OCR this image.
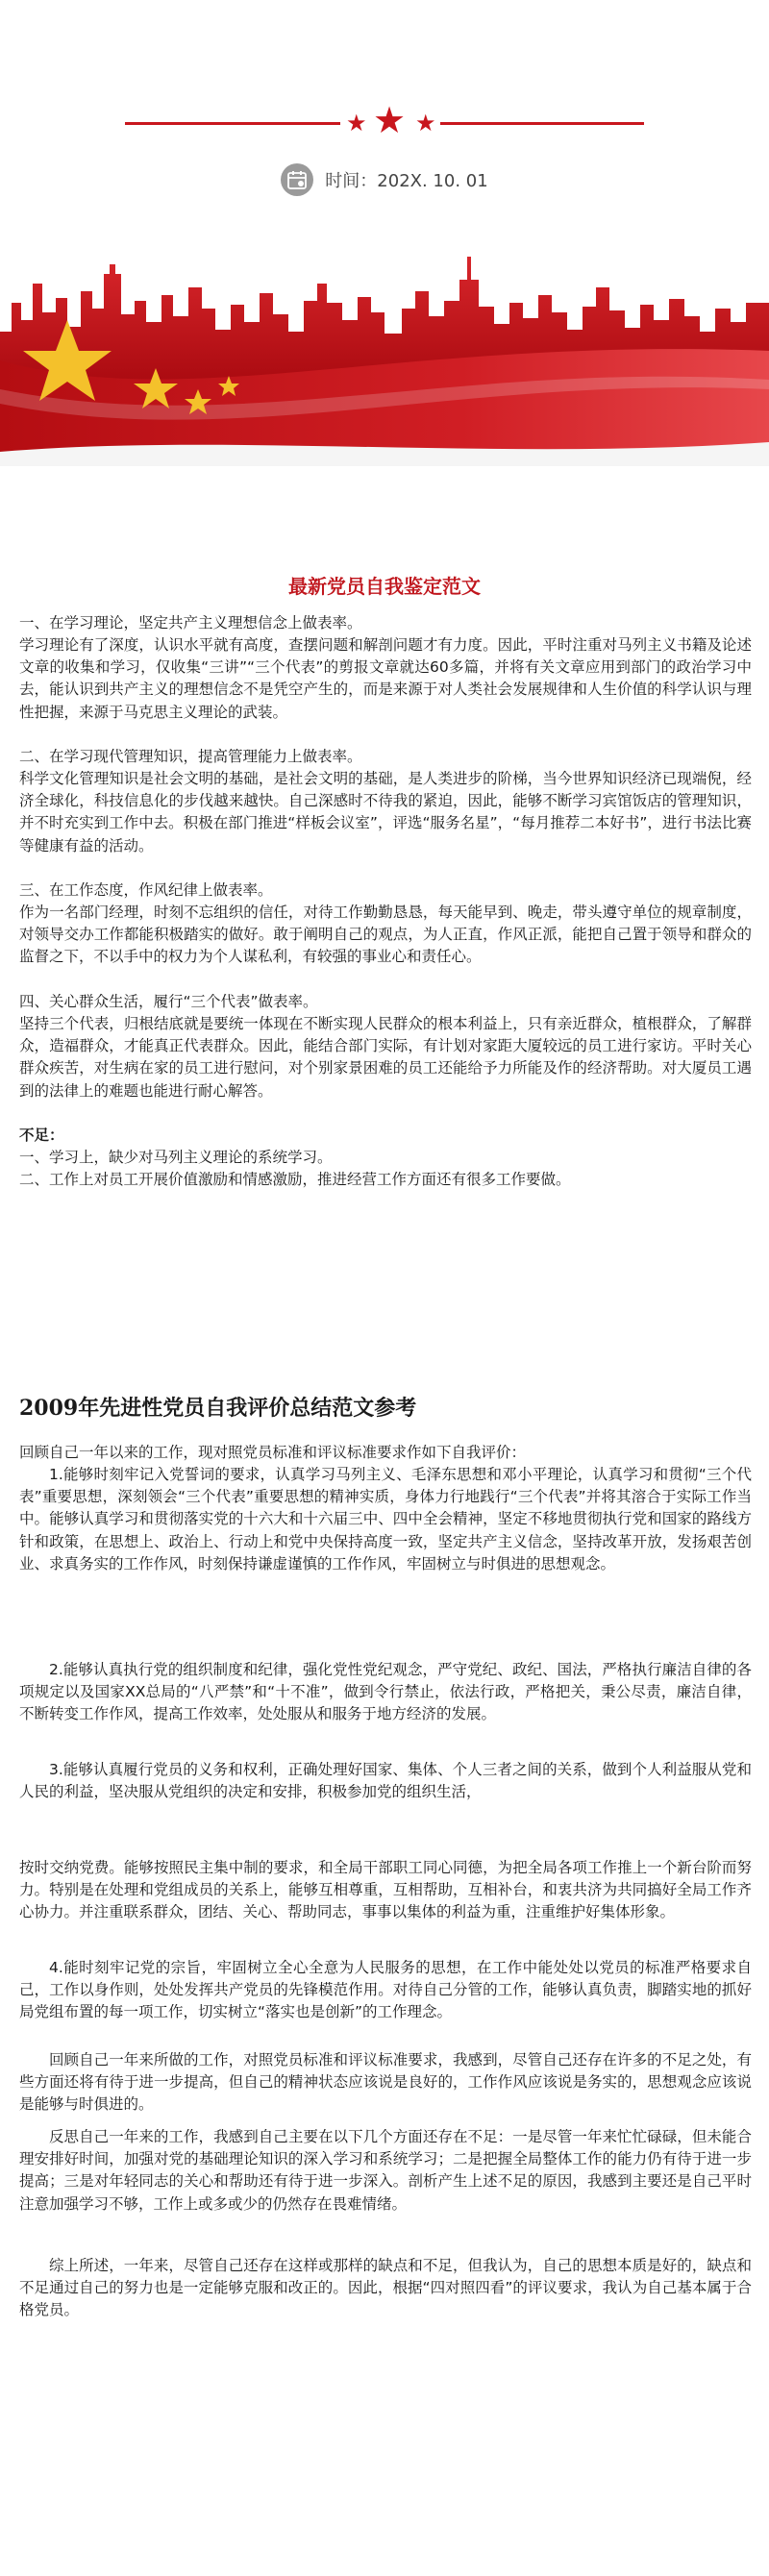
★ ★ ★
时间：202X. 10. 01
最新党员自我鉴定范文

一、在学习理论，坚定共产主义理想信念上做表率。

学习理论有了深度，认识水平就有高度，查摆问题和解剖问题才有力度。因此，平时注重对马列主义书籍及论述文章的收集和学习，仅收集“三讲”“三个代表”的剪报文章就达60多篇，并将有关文章应用到部门的政治学习中去，能认识到共产主义的理想信念不是凭空产生的，而是来源于对人类社会发展规律和人生价值的科学认识与理性把握，来源于马克思主义理论的武装。

二、在学习现代管理知识，提高管理能力上做表率。

科学文化管理知识是社会文明的基础，是社会文明的基础，是人类进步的阶梯，当今世界知识经济已现端倪，经济全球化，科技信息化的步伐越来越快。自己深感时不待我的紧迫，因此，能够不断学习宾馆饭店的管理知识，并不时充实到工作中去。积极在部门推进“样板会议室”，评选“服务名星”，“每月推荐二本好书”，进行书法比赛等健康有益的活动。

三、在工作态度，作风纪律上做表率。

作为一名部门经理，时刻不忘组织的信任，对待工作勤勤恳恳，每天能早到、晚走，带头遵守单位的规章制度，对领导交办工作都能积极踏实的做好。敢于阐明自己的观点，为人正直，作风正派，能把自己置于领导和群众的监督之下，不以手中的权力为个人谋私利，有较强的事业心和责任心。

四、关心群众生活，履行“三个代表”做表率。

坚持三个代表，归根结底就是要统一体现在不断实现人民群众的根本利益上，只有亲近群众，植根群众，了解群众，造福群众，才能真正代表群众。因此，能结合部门实际，有计划对家距大厦较远的员工进行家访。平时关心群众疾苦，对生病在家的员工进行慰问，对个别家景困难的员工还能给予力所能及作的经济帮助。对大厦员工遇到的法律上的难题也能进行耐心解答。

不足：

一、学习上，缺少对马列主义理论的系统学习。

二、工作上对员工开展价值激励和情感激励，推进经营工作方面还有很多工作要做。

2009年先进性党员自我评价总结范文参考

回顾自己一年以来的工作，现对照党员标准和评议标准要求作如下自我评价：

1.能够时刻牢记入党誓词的要求，认真学习马列主义、毛泽东思想和邓小平理论，认真学习和贯彻“三个代表”重要思想，深刻领会“三个代表”重要思想的精神实质，身体力行地践行“三个代表”并将其溶合于实际工作当中。能够认真学习和贯彻落实党的十六大和十六届三中、四中全会精神，坚定不移地贯彻执行党和国家的路线方针和政策，在思想上、政治上、行动上和党中央保持高度一致，坚定共产主义信念，坚持改革开放，发扬艰苦创业、求真务实的工作作风，时刻保持谦虚谨慎的工作作风，牢固树立与时俱进的思想观念。

2.能够认真执行党的组织制度和纪律，强化党性党纪观念，严守党纪、政纪、国法，严格执行廉洁自律的各项规定以及国家XX总局的“八严禁”和“十不准”，做到令行禁止，依法行政，严格把关，秉公尽责，廉洁自律，不断转变工作作风，提高工作效率，处处服从和服务于地方经济的发展。

3.能够认真履行党员的义务和权利，正确处理好国家、集体、个人三者之间的关系，做到个人利益服从党和人民的利益，坚决服从党组织的决定和安排，积极参加党的组织生活，

按时交纳党费。能够按照民主集中制的要求，和全局干部职工同心同德，为把全局各项工作推上一个新台阶而努力。特别是在处理和党组成员的关系上，能够互相尊重，互相帮助，互相补台，和衷共济为共同搞好全局工作齐心协力。并注重联系群众，团结、关心、帮助同志，事事以集体的利益为重，注重维护好集体形象。

4.能时刻牢记党的宗旨，牢固树立全心全意为人民服务的思想，在工作中能处处以党员的标准严格要求自己，工作以身作则，处处发挥共产党员的先锋模范作用。对待自己分管的工作，能够认真负责，脚踏实地的抓好局党组布置的每一项工作，切实树立“落实也是创新”的工作理念。

回顾自己一年来所做的工作，对照党员标准和评议标准要求，我感到，尽管自己还存在许多的不足之处，有些方面还将有待于进一步提高，但自己的精神状态应该说是良好的，工作作风应该说是务实的，思想观念应该说是能够与时俱进的。

反思自己一年来的工作，我感到自己主要在以下几个方面还存在不足：一是尽管一年来忙忙碌碌，但未能合理安排好时间，加强对党的基础理论知识的深入学习和系统学习；二是把握全局整体工作的能力仍有待于进一步提高；三是对年轻同志的关心和帮助还有待于进一步深入。剖析产生上述不足的原因，我感到主要还是自己平时注意加强学习不够，工作上或多或少的仍然存在畏难情绪。

综上所述，一年来，尽管自己还存在这样或那样的缺点和不足，但我认为，自己的思想本质是好的，缺点和不足通过自己的努力也是一定能够克服和改正的。因此，根据“四对照四看”的评议要求，我认为自己基本属于合格党员。
